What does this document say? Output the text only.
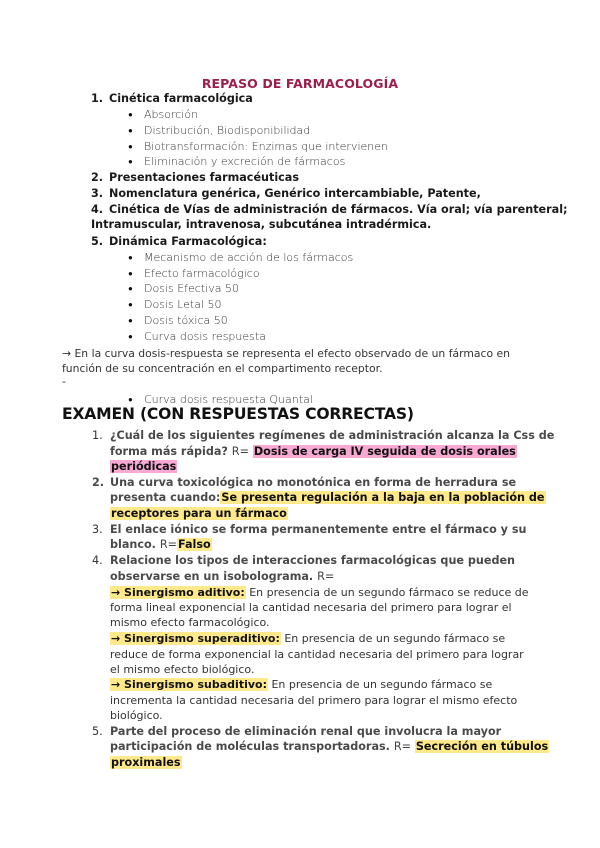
REPASO DE FARMACOLOGÍA
1. Cinética farmacológica
● Absorción
● Distribución, Biodisponibilidad
● Biotransformación: Enzimas que intervienen
● Eliminación y excreción de fármacos
2. Presentaciones farmacéuticas
3. Nomenclatura genérica, Genérico intercambiable, Patente,
4. Cinética de Vías de administración de fármacos. Vía oral; vía parenteral;
Intramuscular, intravenosa, subcutánea intradérmica.
5. Dinámica Farmacológica:
● Mecanismo de acción de los fármacos
● Efecto farmacológico
● Dosis Efectiva 50
● Dosis Letal 50
● Dosis tóxica 50
● Curva dosis respuesta
→ En la curva dosis-respuesta se representa el efecto observado de un fármaco en
función de su concentración en el compartimento receptor.
-
● Curva dosis respuesta Quantal
EXAMEN (CON RESPUESTAS CORRECTAS)
1. ¿Cuál de los siguientes regímenes de administración alcanza la Css de
forma más rápida? R= Dosis de carga IV seguida de dosis orales
periódicas
2. Una curva toxicológica no monotónica en forma de herradura se
presenta cuando:Se presenta regulación a la baja en la población de
receptores para un fármaco
3. El enlace iónico se forma permanentemente entre el fármaco y su
blanco. R=Falso
4. Relacione los tipos de interacciones farmacológicas que pueden
observarse en un isobolograma. R=
→ Sinergismo aditivo: En presencia de un segundo fármaco se reduce de
forma lineal exponencial la cantidad necesaria del primero para lograr el
mismo efecto farmacológico.
→ Sinergismo superaditivo: En presencia de un segundo fármaco se
reduce de forma exponencial la cantidad necesaria del primero para lograr
el mismo efecto biológico.
→ Sinergismo subaditivo: En presencia de un segundo fármaco se
incrementa la cantidad necesaria del primero para lograr el mismo efecto
biológico.
5. Parte del proceso de eliminación renal que involucra la mayor
participación de moléculas transportadoras. R= Secreción en túbulos
proximales
